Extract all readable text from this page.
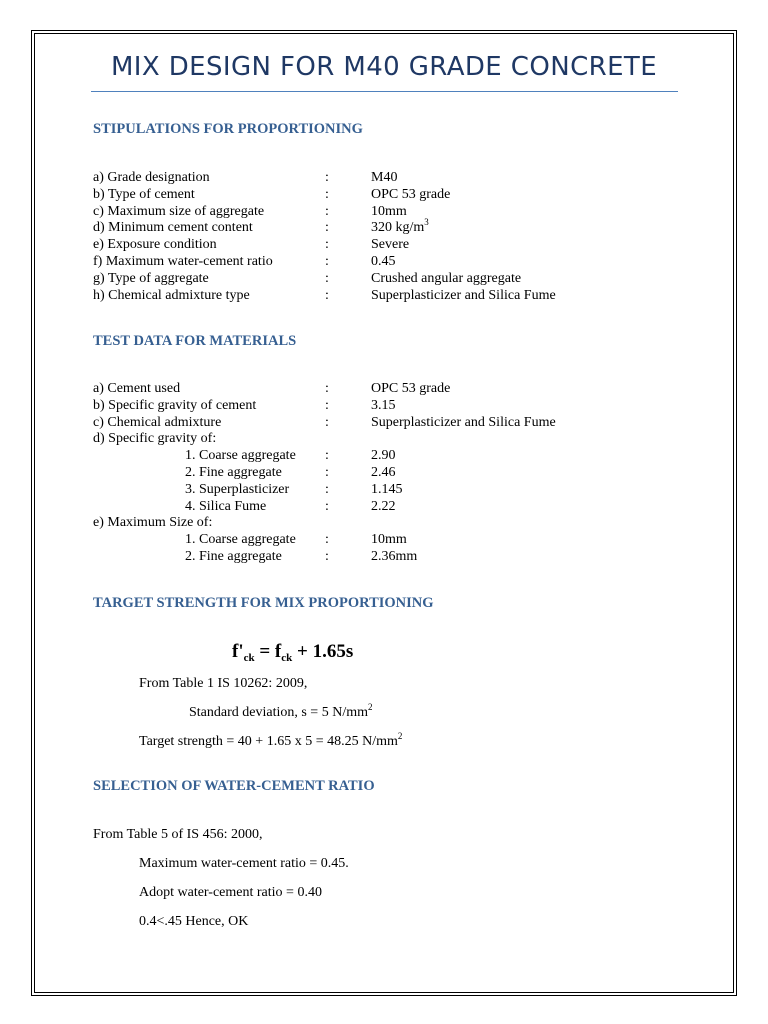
MIX DESIGN FOR M40 GRADE CONCRETE
STIPULATIONS FOR PROPORTIONING
a) Grade designation	:	M40
b) Type of cement	:	OPC 53 grade
c) Maximum size of aggregate	:	10mm
d) Minimum cement content	:	320 $kg/m^3$
e) Exposure condition	:	Severe
f) Maximum water-cement ratio	:	0.45
g) Type of aggregate	:	Crushed angular aggregate
h) Chemical admixture type	:	Superplasticizer and Silica Fume
TEST DATA FOR MATERIALS
a) Cement used	:	OPC 53 grade
b) Specific gravity of cement	:	3.15
c) Chemical admixture	:	Superplasticizer and Silica Fume
d) Specific gravity of:
1. Coarse aggregate :	2.90
2. Fine aggregate	:	2.46
3. Superplasticizer	:	1.145
4. Silica Fume	:	2.22
e) Maximum Size of:
1. Coarse aggregate :	10mm
2. Fine aggregate	:	2.36mm
TARGET STRENGTH FOR MIX PROPORTIONING
$f'_{ck} = f_{ck} + 1.65s$
From Table 1 IS 10262: 2009,
Standard deviation, s = 5 $N/mm^2$
Target strength = 40 + 1.65 x 5 = 48.25 $N/mm^2$
SELECTION OF WATER-CEMENT RATIO
From Table 5 of IS 456: 2000,
Maximum water-cement ratio = 0.45.
Adopt water-cement ratio = 0.40
0.4<.45 Hence, OK
